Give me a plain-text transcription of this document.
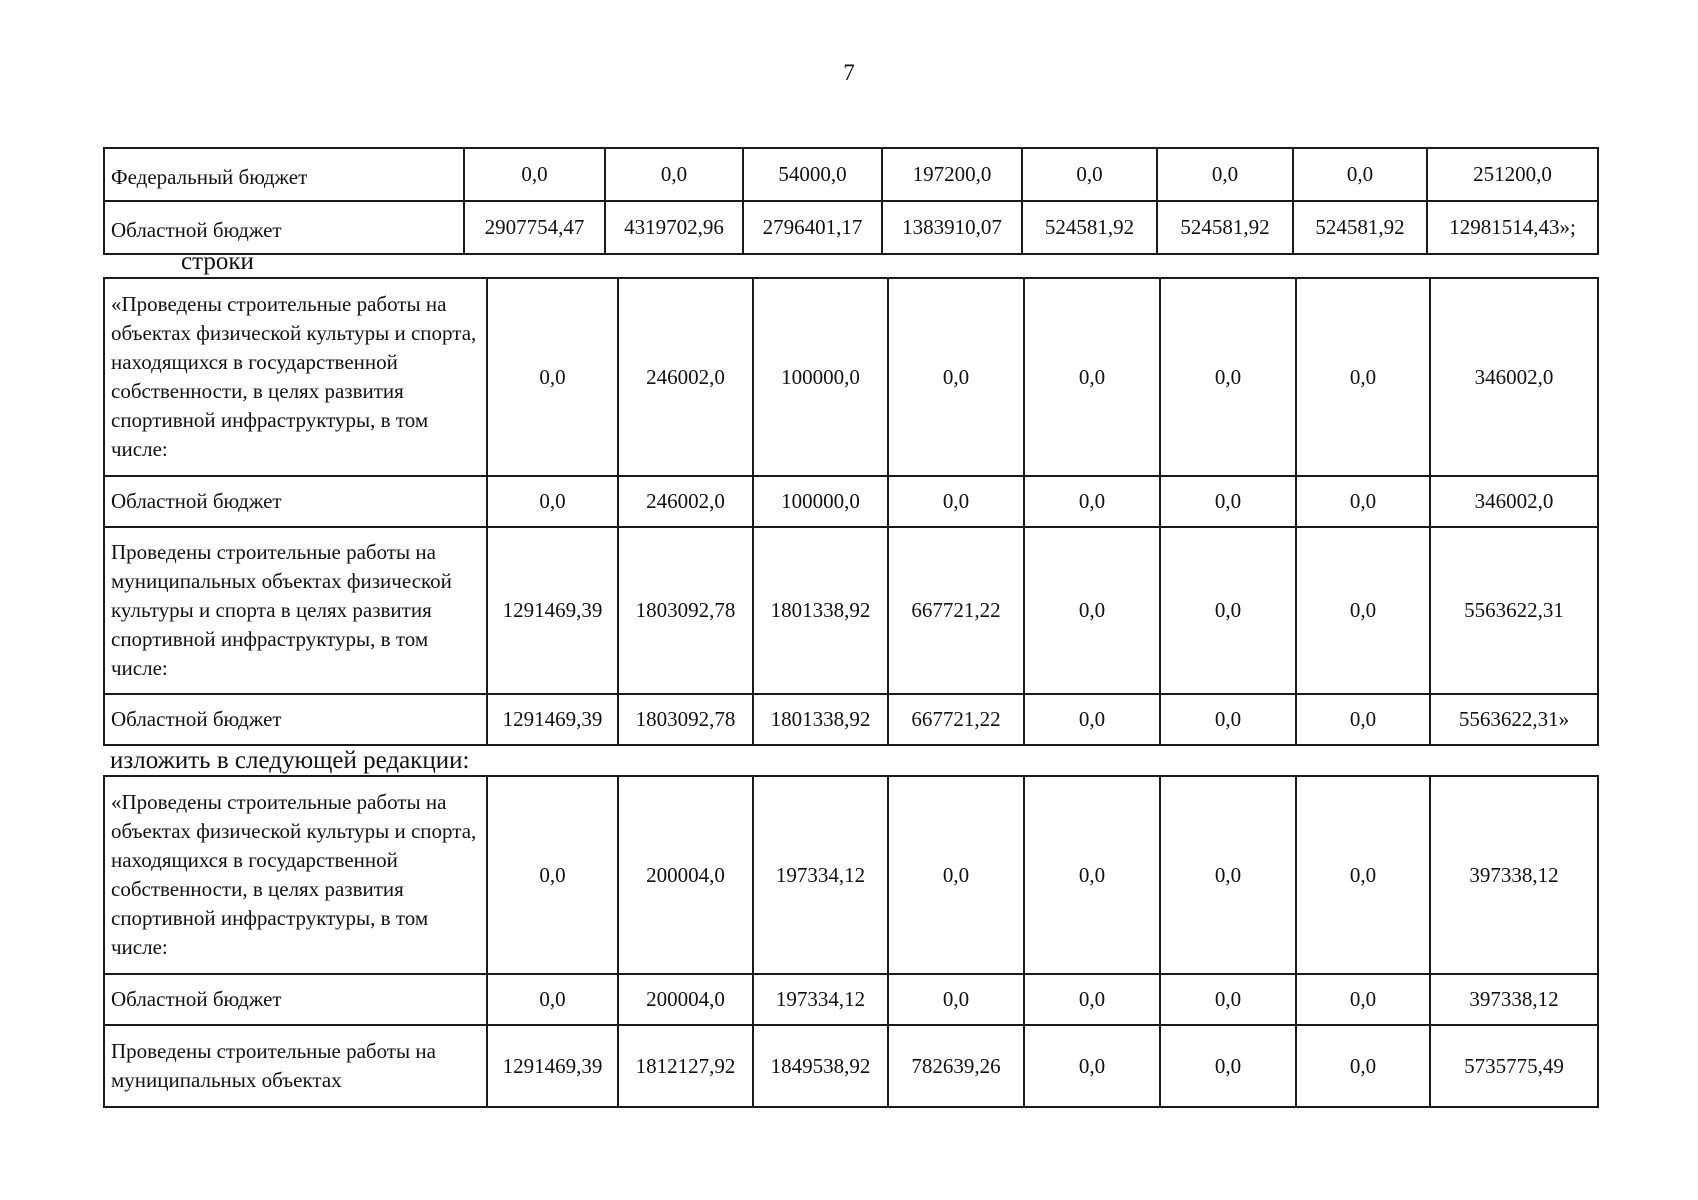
7
Федеральный бюджет	0,0	0,0	54000,0	197200,0	0,0	0,0	0,0	251200,0
Областной бюджет	2907754,47	4319702,96	2796401,17	1383910,07	524581,92	524581,92	524581,92	12981514,43»;
строки
«Проведены строительные работы на объектах физической культуры и спорта, находящихся в государственной собственности, в целях развития спортивной инфраструктуры, в том числе:	0,0	246002,0	100000,0	0,0	0,0	0,0	0,0	346002,0
Областной бюджет	0,0	246002,0	100000,0	0,0	0,0	0,0	0,0	346002,0
Проведены строительные работы на муниципальных объектах физической культуры и спорта в целях развития спортивной инфраструктуры, в том числе:	1291469,39	1803092,78	1801338,92	667721,22	0,0	0,0	0,0	5563622,31
Областной бюджет	1291469,39	1803092,78	1801338,92	667721,22	0,0	0,0	0,0	5563622,31»
изложить в следующей редакции:
«Проведены строительные работы на объектах физической культуры и спорта, находящихся в государственной собственности, в целях развития спортивной инфраструктуры, в том числе:	0,0	200004,0	197334,12	0,0	0,0	0,0	0,0	397338,12
Областной бюджет	0,0	200004,0	197334,12	0,0	0,0	0,0	0,0	397338,12
Проведены строительные работы на муниципальных объектах	1291469,39	1812127,92	1849538,92	782639,26	0,0	0,0	0,0	5735775,49
